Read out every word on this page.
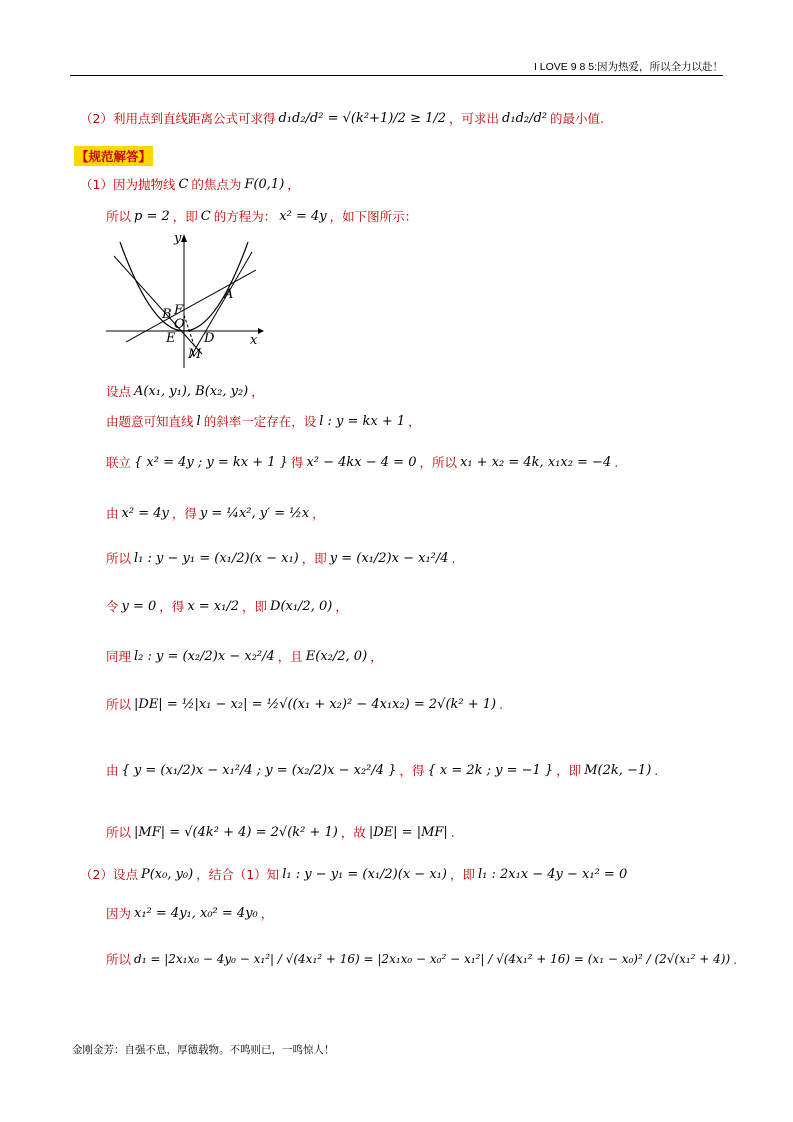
I LOVE 9 8 5:因为热爱，所以全力以赴！
（2）利用点到直线距离公式可求得 d₁d₂/d² = √(k²+1)/2 ≥ 1/2 ，可求出 d₁d₂/d² 的最小值.
【规范解答】
（1）因为抛物线 C 的焦点为 F(0,1) ，
所以 p = 2 ，即 C 的方程为： x² = 4y ，如下图所示：
y
x
A
B F
O
E D
M
设点 A(x₁, y₁), B(x₂, y₂) ，
由题意可知直线 l 的斜率一定存在，设 l : y = kx + 1 ，
联立 { x² = 4y ; y = kx + 1 } 得 x² − 4kx − 4 = 0 ，所以 x₁ + x₂ = 4k, x₁x₂ = −4 .
由 x² = 4y ，得 y = ¼x², y′ = ½x ，
所以 l₁ : y − y₁ = (x₁/2)(x − x₁) ，即 y = (x₁/2)x − x₁²/4 .
令 y = 0 ，得 x = x₁/2 ，即 D(x₁/2, 0) ，
同理 l₂ : y = (x₂/2)x − x₂²/4 ，且 E(x₂/2, 0) ，
所以 |DE| = ½|x₁ − x₂| = ½√((x₁ + x₂)² − 4x₁x₂) = 2√(k² + 1) .
由 { y = (x₁/2)x − x₁²/4 ; y = (x₂/2)x − x₂²/4 } ，得 { x = 2k ; y = −1 } ，即 M(2k, −1) .
所以 |MF| = √(4k² + 4) = 2√(k² + 1) ，故 |DE| = |MF| .
（2）设点 P(x₀, y₀) ，结合（1）知 l₁ : y − y₁ = (x₁/2)(x − x₁) ，即 l₁ : 2x₁x − 4y − x₁² = 0
因为 x₁² = 4y₁, x₀² = 4y₀ ，
所以 d₁ = |2x₁x₀ − 4y₀ − x₁²| / √(4x₁² + 16) = |2x₁x₀ − x₀² − x₁²| / √(4x₁² + 16) = (x₁ − x₀)² / (2√(x₁² + 4)) .
金刚金芳：自强不息，厚德载物。不鸣则已，一鸣惊人！
